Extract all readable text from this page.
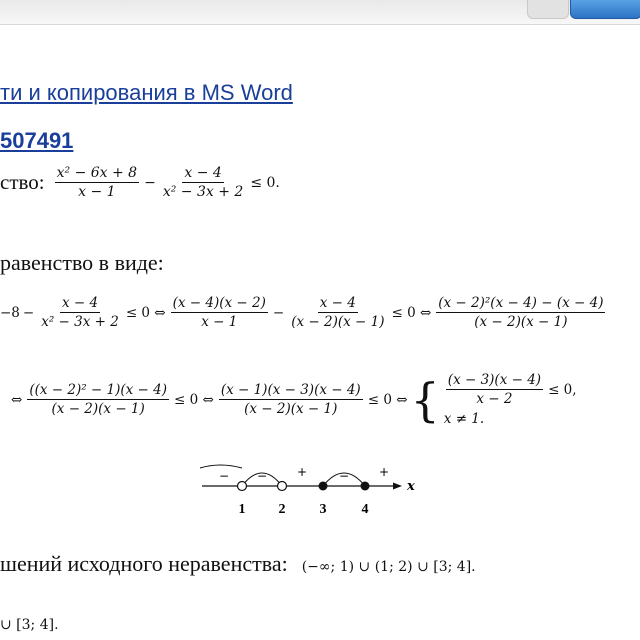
ти и копирования в MS Word
507491
ство: $\frac{\text{x² − 6x + 8}}{x - 1} - \frac{x - 4}{\text{x² − 3x + 2}} \le 0$.
равенство в виде:
$-8 - \frac{x - 4}{\text{x² − 3x + 2}} \le 0$ ⇔ $\frac{(x - 4)(x - 2)}{x - 1} - \frac{x - 4}{(x - 2)(x - 1)} \le 0$ ⇔ $\frac{\text{(x − 2)²(x − 4) − (x − 4)}}{(x - 2)(x - 1)}$
⇔ $\frac{\text{((x − 2)² − 1)(x − 4)}}{(x - 2)(x - 1)} \le 0$ ⇔ $\frac{(x - 1)(x - 3)(x - 4)}{(x - 2)(x - 1)} \le 0$ ⇔ { $\frac{(x - 3)(x - 4)}{x - 2} \le 0$,
x ≠ 1.
x
− − +	− +
1 2 3	4
шений исходного неравенства: (−∞; 1) ∪ (1; 2) ∪ [3; 4].
∪ [3; 4].
